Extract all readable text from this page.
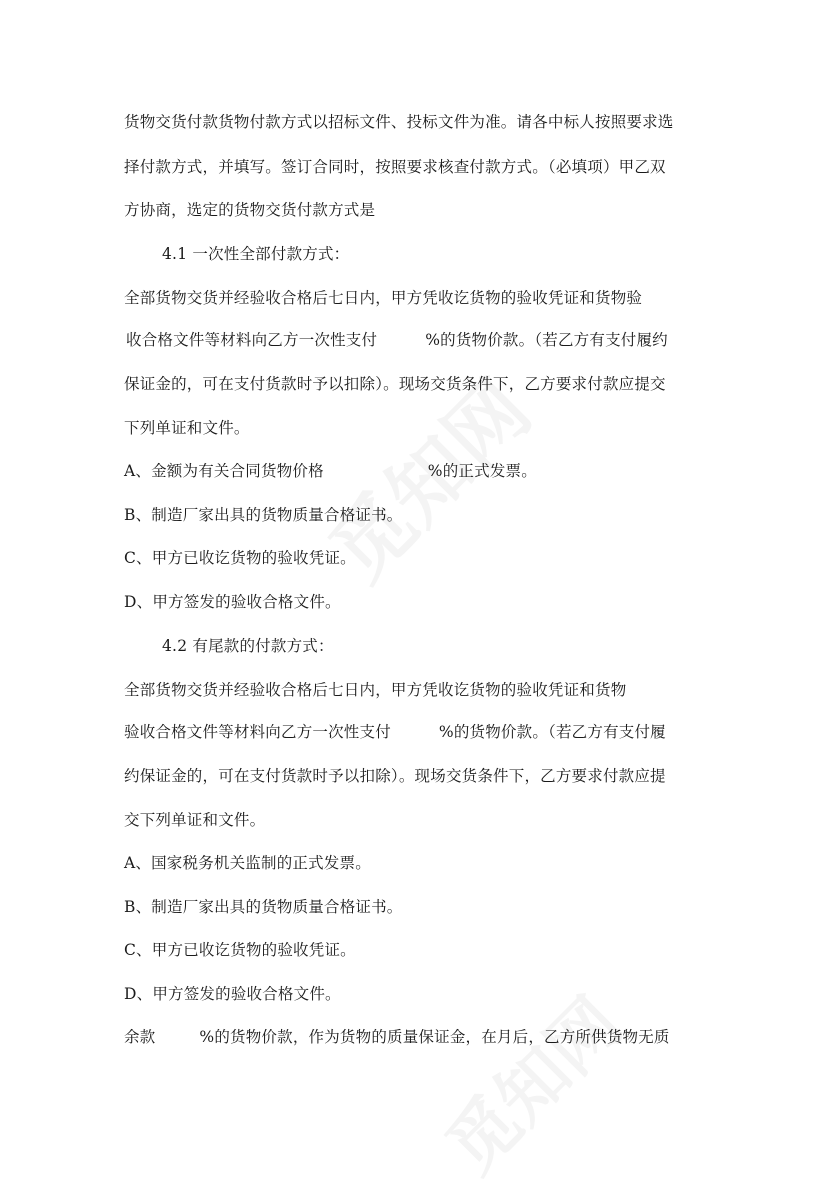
货物交货付款货物付款方式以招标文件、投标文件为准。请各中标人按照要求选
择付款方式，并填写。签订合同时，按照要求核查付款方式。（必填项）甲乙双
方协商，选定的货物交货付款方式是
4.1 一次性全部付款方式：
全部货物交货并经验收合格后七日内，甲方凭收讫货物的验收凭证和货物验
收合格文件等材料向乙方一次性支付	%的货物价款。（若乙方有支付履约
保证金的，可在支付货款时予以扣除）。现场交货条件下，乙方要求付款应提交
下列单证和文件。
A、金额为有关合同货物价格	%的正式发票。
B、制造厂家出具的货物质量合格证书。
C、甲方已收讫货物的验收凭证。
D、甲方签发的验收合格文件。
4.2 有尾款的付款方式：
全部货物交货并经验收合格后七日内，甲方凭收讫货物的验收凭证和货物
验收合格文件等材料向乙方一次性支付	%的货物价款。（若乙方有支付履
约保证金的，可在支付货款时予以扣除）。现场交货条件下，乙方要求付款应提
交下列单证和文件。
A、国家税务机关监制的正式发票。
B、制造厂家出具的货物质量合格证书。
C、甲方已收讫货物的验收凭证。
D、甲方签发的验收合格文件。
余款	%的货物价款，作为货物的质量保证金，在月后，乙方所供货物无质
